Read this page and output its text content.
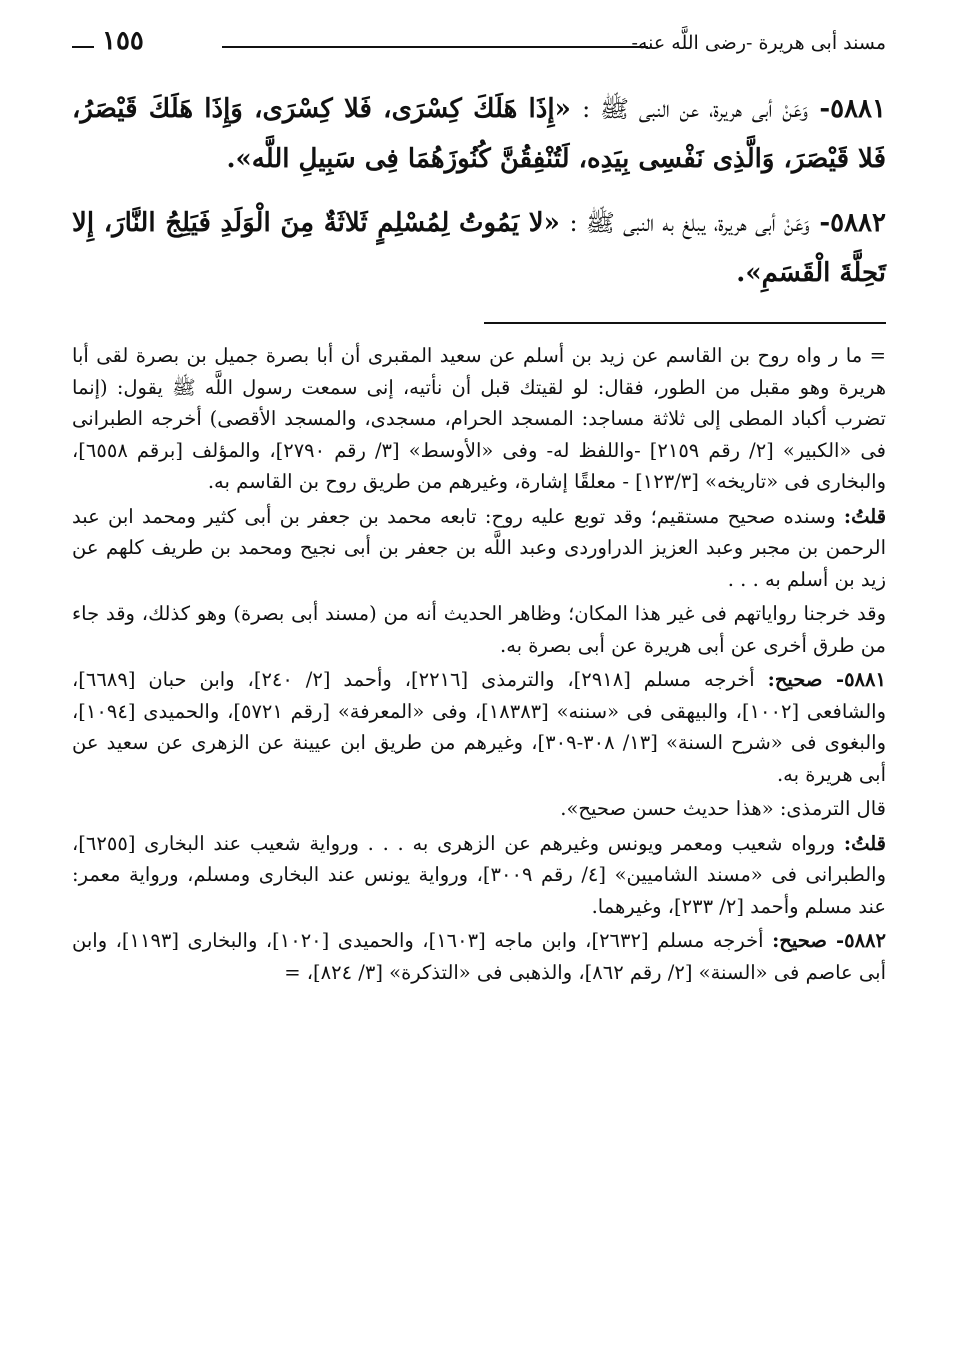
مسند أبى هريرة -رضى اللَّه عنه-
١٥٥
٥٨٨١- وَعَنْ أبى هريرة، عن النبى ﷺ : «إِذَا هَلَكَ كِسْرَى، فَلا كِسْرَى، وَإِذَا هَلَكَ قَيْصَرُ، فَلا قَيْصَرَ، وَالَّذِى نَفْسِى بِيَدِه، لَتُنْفِقُنَّ كُنُوزَهُمَا فِى سَبِيلِ اللَّه».
٥٨٨٢- وَعَنْ أبى هريرة، يبلغ به النبى ﷺ : «لا يَمُوتُ لِمُسْلِمٍ ثَلاثَةٌ مِنَ الْوَلَدِ فَيَلِجُ النَّارَ، إِلا تَحِلَّةَ الْقَسَمِ».

= ما ر واه روح بن القاسم عن زيد بن أسلم عن سعيد المقبرى أن أبا بصرة جميل بن بصرة لقى أبا هريرة وهو مقبل من الطور، فقال: لو لقيتك قبل أن نأتيه، إنى سمعت رسول اللَّه ﷺ يقول: (إنما تضرب أكباد المطى إلى ثلاثة مساجد: المسجد الحرام، مسجدى، والمسجد الأقصى) أخرجه الطبرانى فى «الكبير» [٢/ رقم ٢١٥٩] -واللفظ له- وفى «الأوسط» [٣/ رقم ٢٧٩٠]، والمؤلف [برقم ٦٥٥٨]، والبخارى فى «تاريخه» [١٢٣/٣] - معلقًا إشارة، وغيرهم من طريق روح بن القاسم به.

قلتُ: وسنده صحيح مستقيم؛ وقد توبع عليه روح: تابعه محمد بن جعفر بن أبى كثير ومحمد ابن عبد الرحمن بن مجبر وعبد العزيز الدراوردى وعبد اللَّه بن جعفر بن أبى نجيح ومحمد بن طريف كلهم عن زيد بن أسلم به . . .

وقد خرجنا رواياتهم فى غير هذا المكان؛ وظاهر الحديث أنه من (مسند أبى بصرة) وهو كذلك، وقد جاء من طرق أخرى عن أبى هريرة عن أبى بصرة به.

٥٨٨١- صحيح: أخرجه مسلم [٢٩١٨]، والترمذى [٢٢١٦]، وأحمد [٢/ ٢٤٠]، وابن حبان [٦٦٨٩]، والشافعى [١٠٠٢]، والبيهقى فى «سننه» [١٨٣٨٣]، وفى «المعرفة» [رقم ٥٧٢١]، والحميدى [١٠٩٤]، والبغوى فى «شرح السنة» [١٣/ ٣٠٨-٣٠٩]، وغيرهم من طريق ابن عيينة عن الزهرى عن سعيد عن أبى هريرة به.

قال الترمذى: «هذا حديث حسن صحيح».

قلتُ: ورواه شعيب ومعمر ويونس وغيرهم عن الزهرى به . . . ورواية شعيب عند البخارى [٦٢٥٥]، والطبرانى فى «مسند الشاميين» [٤/ رقم ٣٠٠٩]، ورواية يونس عند البخارى ومسلم، ورواية معمر: عند مسلم وأحمد [٢/ ٢٣٣]، وغيرهما.

٥٨٨٢- صحيح: أخرجه مسلم [٢٦٣٢]، وابن ماجه [١٦٠٣]، والحميدى [١٠٢٠]، والبخارى [١١٩٣]، وابن أبى عاصم فى «السنة» [٢/ رقم ٨٦٢]، والذهبى فى «التذكرة» [٣/ ٨٢٤]، =
